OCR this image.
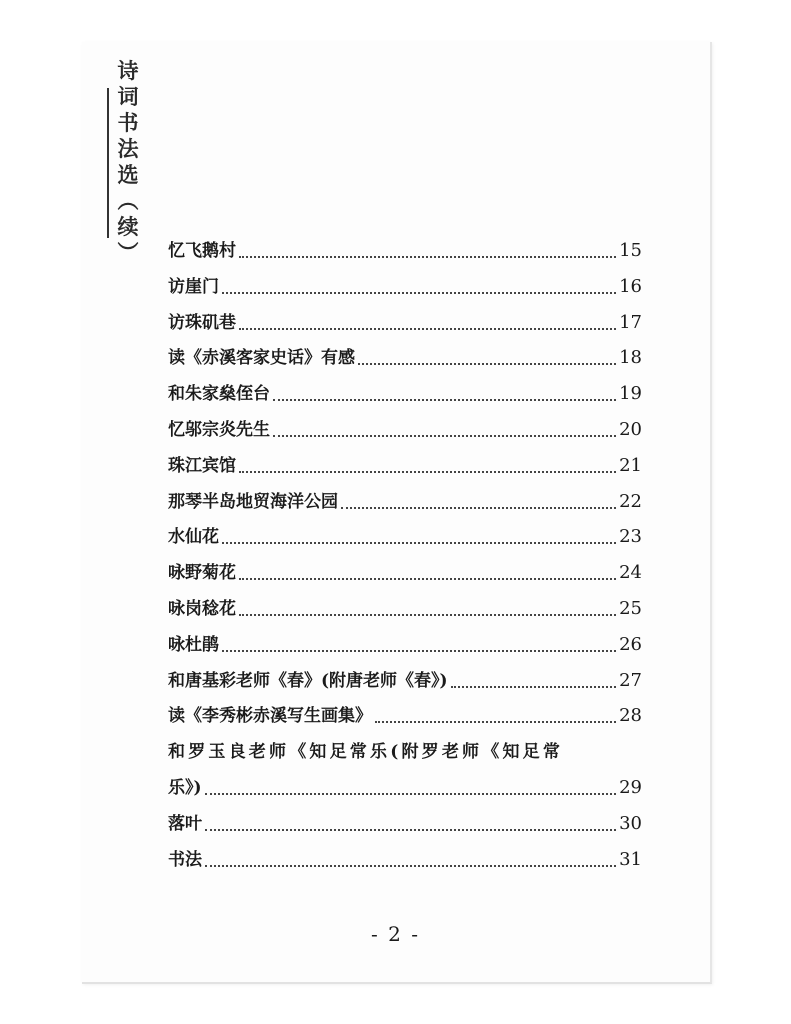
诗
词
书
法
选
︵
续
︶ 忆飞鹅村	15
访崖门	16
访珠矶巷	17
读《赤溪客家史话》有感	18
和朱家燊侄台	19
忆邬宗炎先生	20
珠江宾馆	21
那琴半岛地贸海洋公园	22
水仙花	23
咏野菊花	24
咏岗稔花	25
咏杜鹃	26
和唐基彩老师《春》(附唐老师《春》)	27
读《李秀彬赤溪写生画集》	28
和罗玉良老师《知足常乐(附罗老师《知足常
乐》)	29
落叶	30
书法	31
- 2 -
